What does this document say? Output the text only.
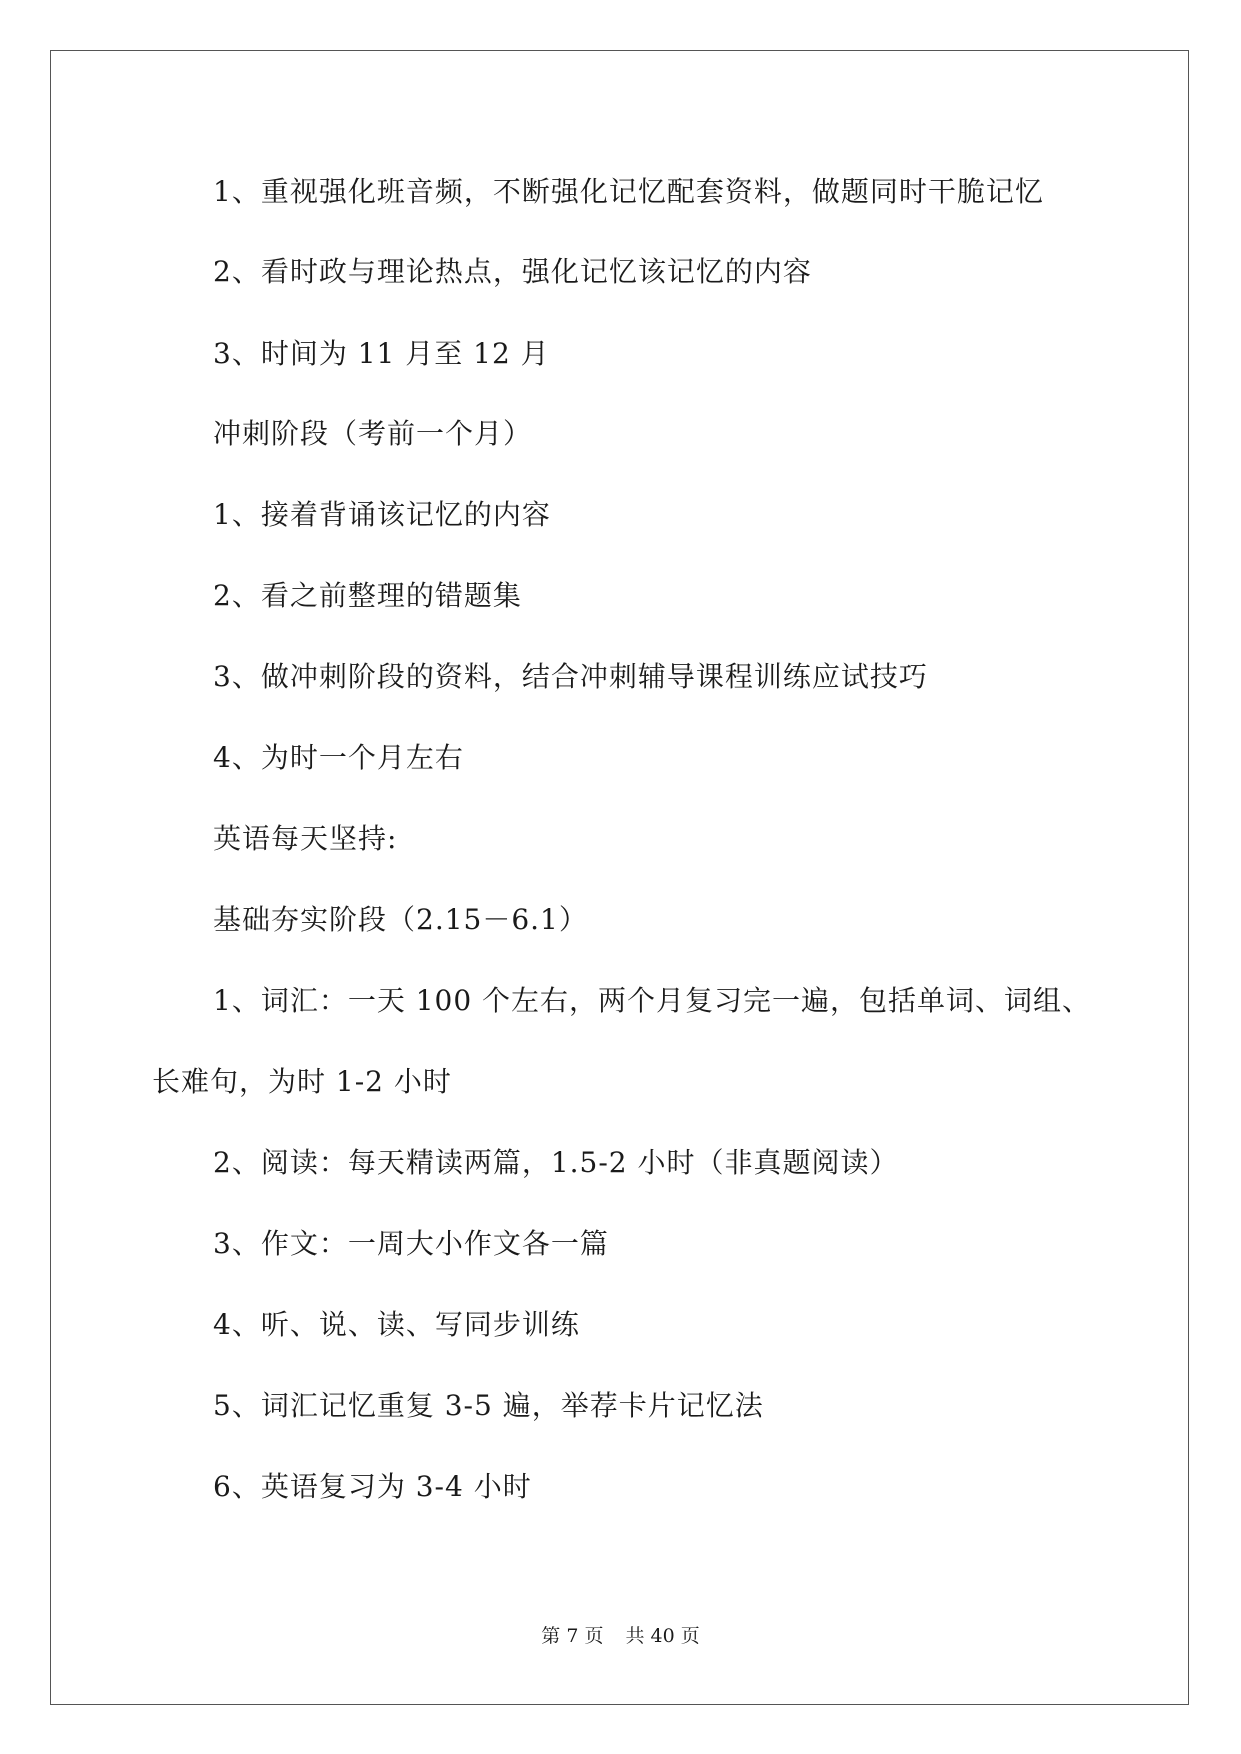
1、重视强化班音频，不断强化记忆配套资料，做题同时干脆记忆
2、看时政与理论热点，强化记忆该记忆的内容
3、时间为 11 月至 12 月
冲刺阶段（考前一个月）
1、接着背诵该记忆的内容
2、看之前整理的错题集
3、做冲刺阶段的资料，结合冲刺辅导课程训练应试技巧
4、为时一个月左右
英语每天坚持:
基础夯实阶段（2.15－6.1）
1、词汇：一天 100 个左右，两个月复习完一遍，包括单词、词组、
长难句，为时 1-2 小时
2、阅读：每天精读两篇，1.5-2 小时（非真题阅读）
3、作文：一周大小作文各一篇
4、听、说、读、写同步训练
5、词汇记忆重复 3-5 遍，举荐卡片记忆法
6、英语复习为 3-4 小时
第 7 页 共 40 页
